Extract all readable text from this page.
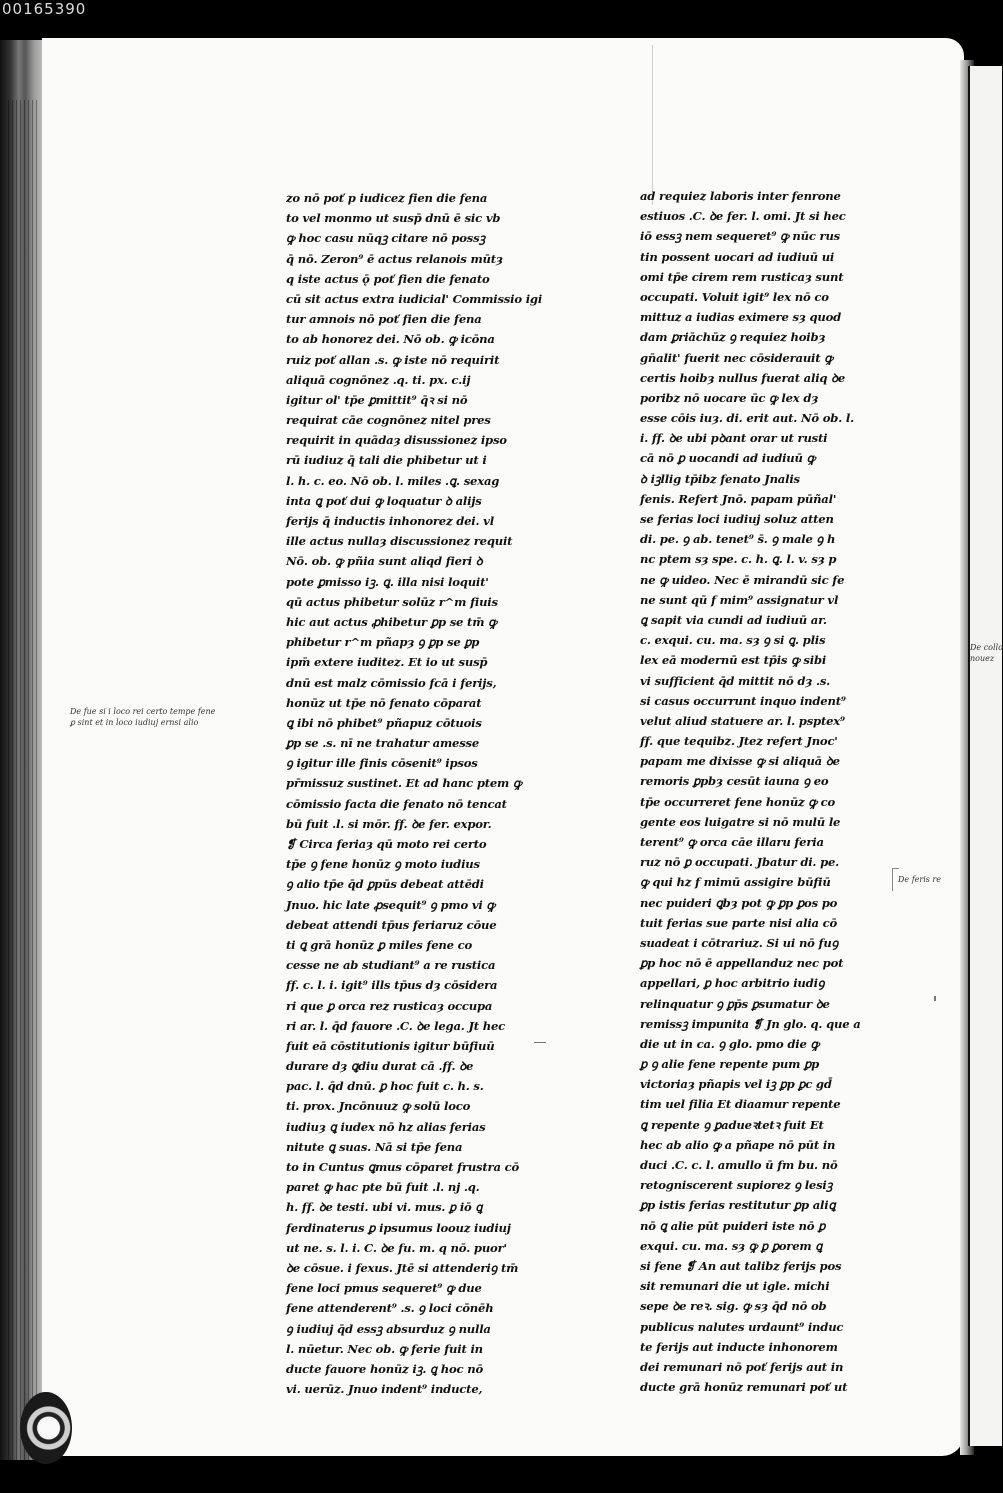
00165390
zo nō poť p iudicez fien die fena
to vel monmo ut susp̄ dnū ē sic vb
ꝙ hoc casu nūqꝫ citare nō possꝫ
q̄ nō. Zeron⁹ ē actus relanois mūtȝ
q iste actus ǭ poť fien die fenato
cū sit actus extra iudicial' Commissio igi
tur amnois nō poť fien die fena
to ab honorez dei. Nō ob. ꝙ icōna
ruiz poť allan .s. ꝙ iste nō requirit
aliquā cognōnez .q. ti. px. c.ij
igitur ol' tp̄e ꝑmittit⁹ q̄ꝛ si nō
requirat cāe cognōnez nitel pres
requirit in quādaȝ disussionez ipso
rū iudiuz q̄ tali die phibetur ut i
l. h. c. eo. Nō ob. l. miles .ꝗ. sexag
inta ꝗ poť dui ꝙ loquatur ꝺ alijs
ferijs q̄ inductis inhonorez dei. vl
ille actus nullaȝ discussionez requit
Nō. ob. ꝙ pñia sunt aliqd fieri ꝺ
pote ꝑmisso iꝫ. ꝗ. illa nisi loquit'
qū actus phibetur solūz r^m fiuis
hic aut actus ꝓhibetur ꝑp se tm̄ ꝙ
phibetur r^m pñapȝ ꝯ ꝑp se ꝑp
ipm̄ extere iuditez. Et io ut susp̄
dnū est malz cōmissio fcā i ferijs,
honūz ut tp̄e nō fenato cōparat
ꝗ ibi nō phibet⁹ pñapuz cōtuois
ꝑp se .s. nī ne trahatur amesse
ꝯ igitur ille finis cōsenit⁹ ipsos
pr̄missuz sustinet. Et ad hanc ptem ꝙ
cōmissio facta die fenato nō tencat
bū fuit .l. si mōr. ff. ꝺe fer. expor.
❡ Circa feriaȝ qū moto rei certo
tp̄e ꝯ fene honūz ꝯ moto iudius
ꝯ alio tp̄e q̄d ꝑpūs debeat attēdi
Jnuo. hic late ꝓsequit⁹ ꝯ pmo vi ꝙ
debeat attendi tp̄us feriaruz cōue
ti ꝗ grā honūz ꝑ miles fene co
cesse ne ab studiant⁹ a re rustica
ff. c. l. i. igit⁹ ills tp̄us dȝ cōsidera
ri que ꝑ orca rez rusticaȝ occupa
ri ar. l. q̄d fauore .C. ꝺe lega. Jt hec
fuit eā cōstitutionis igitur būfiuū
durare dȝ ꝗdiu durat cā .ff. ꝺe
pac. l. q̄d dnū. ꝑ hoc fuit c. h. s.
ti. prox. Jncōnuuz ꝙ solū loco
iudiuȝ ꝗ iudex nō hz alias ferias
nitute ꝗ suas. Nā si tp̄e fena
to in Cuntus ꝗmus cōparet frustra cō
paret ꝙ hac pte bū fuit .l. nj .q.
h. ff. ꝺe testi. ubi vi. mus. ꝑ iō ꝗ
ferdinaterus ꝑ ipsumus loouz iudiuj
ut ne. s. l. i. C. ꝺe fu. m. q nō. puor'
ꝺe cōsue. i fexus. Jtē si attenderiꝯ tm̄
fene loci pmus sequeret⁹ ꝙ due
fene attenderent⁹ .s. ꝯ loci cōnēh
ꝯ iudiuj q̄d essꝫ absurduz ꝯ nulla
l. nūetur. Nec ob. ꝙ ferie fuit in
ducte fauore honūz iꝫ. ꝗ hoc nō
vi. uerūz. Jnuo indent⁹ inducte,
ad requiez laboris inter fenrone
estiuos .C. ꝺe fer. l. omi. Jt si hec
iō essꝫ nem sequeret⁹ ꝙ nūc rus
tin possent uocari ad iudiuū ui
omi tp̄e cirem rem rusticaȝ sunt
occupati. Voluit igit⁹ lex nō co
mittuz a iudias eximere sȝ quod
dam ꝑriāchūz ꝯ requiez hoibȝ
gn̄alit' fuerit nec cōsiderauit ꝙ
certis hoibȝ nullus fuerat aliq ꝺe
poribz nō uocare ūc ꝙ lex dȝ
esse cōis iuȝ. di. erit aut. Nō ob. l.
i. ff. ꝺe ubi pꝺant orar ut rusti
cā nō ꝑ uocandi ad iudiuū ꝙ
ꝺ iꝫllig tp̄ibz fenato Jnalis
fenis. Refert Jnō. papam pūñal'
se ferias loci iudiuj soluz atten
di. pe. ꝯ ab. tenet⁹ s̄. ꝯ male ꝯ h
nc ptem sȝ spe. c. h. ꝗ. l. v. sȝ p
ne ꝙ uideo. Nec ē mirandū sic fe
ne sunt qū f mim⁹ assignatur vl
ꝗ sapit via cundi ad iudiuū ar.
c. exqui. cu. ma. sȝ ꝯ si ꝗ. plis
lex eā modernū est tp̄is ꝙ sibi
vi sufficient q̄d mittit nō dȝ .s.
si casus occurrunt inquo indent⁹
velut aliud statuere ar. l. psptex⁹
ff. que tequibz. Jtez refert Jnoc'
papam me dixisse ꝙ si aliquā ꝺe
remoris ꝑpbȝ cesūt iauna ꝯ eo
tp̄e occurreret fene honūz ꝙ co
gente eos luigatre si nō mulū le
terent⁹ ꝙ orca cāe illaru feria
ruz nō ꝑ occupati. Jbatur di. pe.
ꝙ qui hz f mimū assigire būfiū
nec puideri ꝗbȝ pot ꝙ ꝑp ꝑos po
tuit ferias sue parte nisi alia cō
suadeat i cōtrariuz. Si ui nō fuꝯ
ꝑp hoc nō ē appellanduz nec pot
appellari, ꝑ hoc arbitrio iudiꝯ
relinquatur ꝯ ꝑp̄s ꝑsumatur ꝺe
remissꝫ impunita ❡ Jn glo. q. que a
die ut in ca. ꝯ glo. pmo die ꝙ
ꝑ ꝯ alie fene repente pum ꝑp
victoriaȝ pñapis vel iꝫ ꝑp ꝑc gd̄
tim uel filia Et diaamur repente
ꝗ repente ꝯ ꝑadueꝛtetꝛ fuit Et
hec ab alio ꝙ a pñape nō pūt in
duci .C. c. l. amullo ū fm bu. nō
retogniscerent supiorez ꝯ lesiꝫ
ꝑp istis ferias restitutur ꝑp aliꝗ
nō ꝗ alie pūt puideri iste nō ꝑ
exqui. cu. ma. sȝ ꝙ ꝑ ꝑorem ꝗ
si fene ❡ An aut talibz ferijs pos
sit remunari die ut igle. michi
sepe ꝺe reꝛ. sig. ꝙ sȝ q̄d nō ob
publicus nalutes urdaunt⁹ induc
te ferijs aut inducte inhonorem
dei remunari nō poť ferijs aut in
ducte grā honūz remunari poť ut
De fue si i loco rei certo tempe fene
ꝑ sint et in loco iudiuj ernsi alio
De collo
nouez
De feris re
